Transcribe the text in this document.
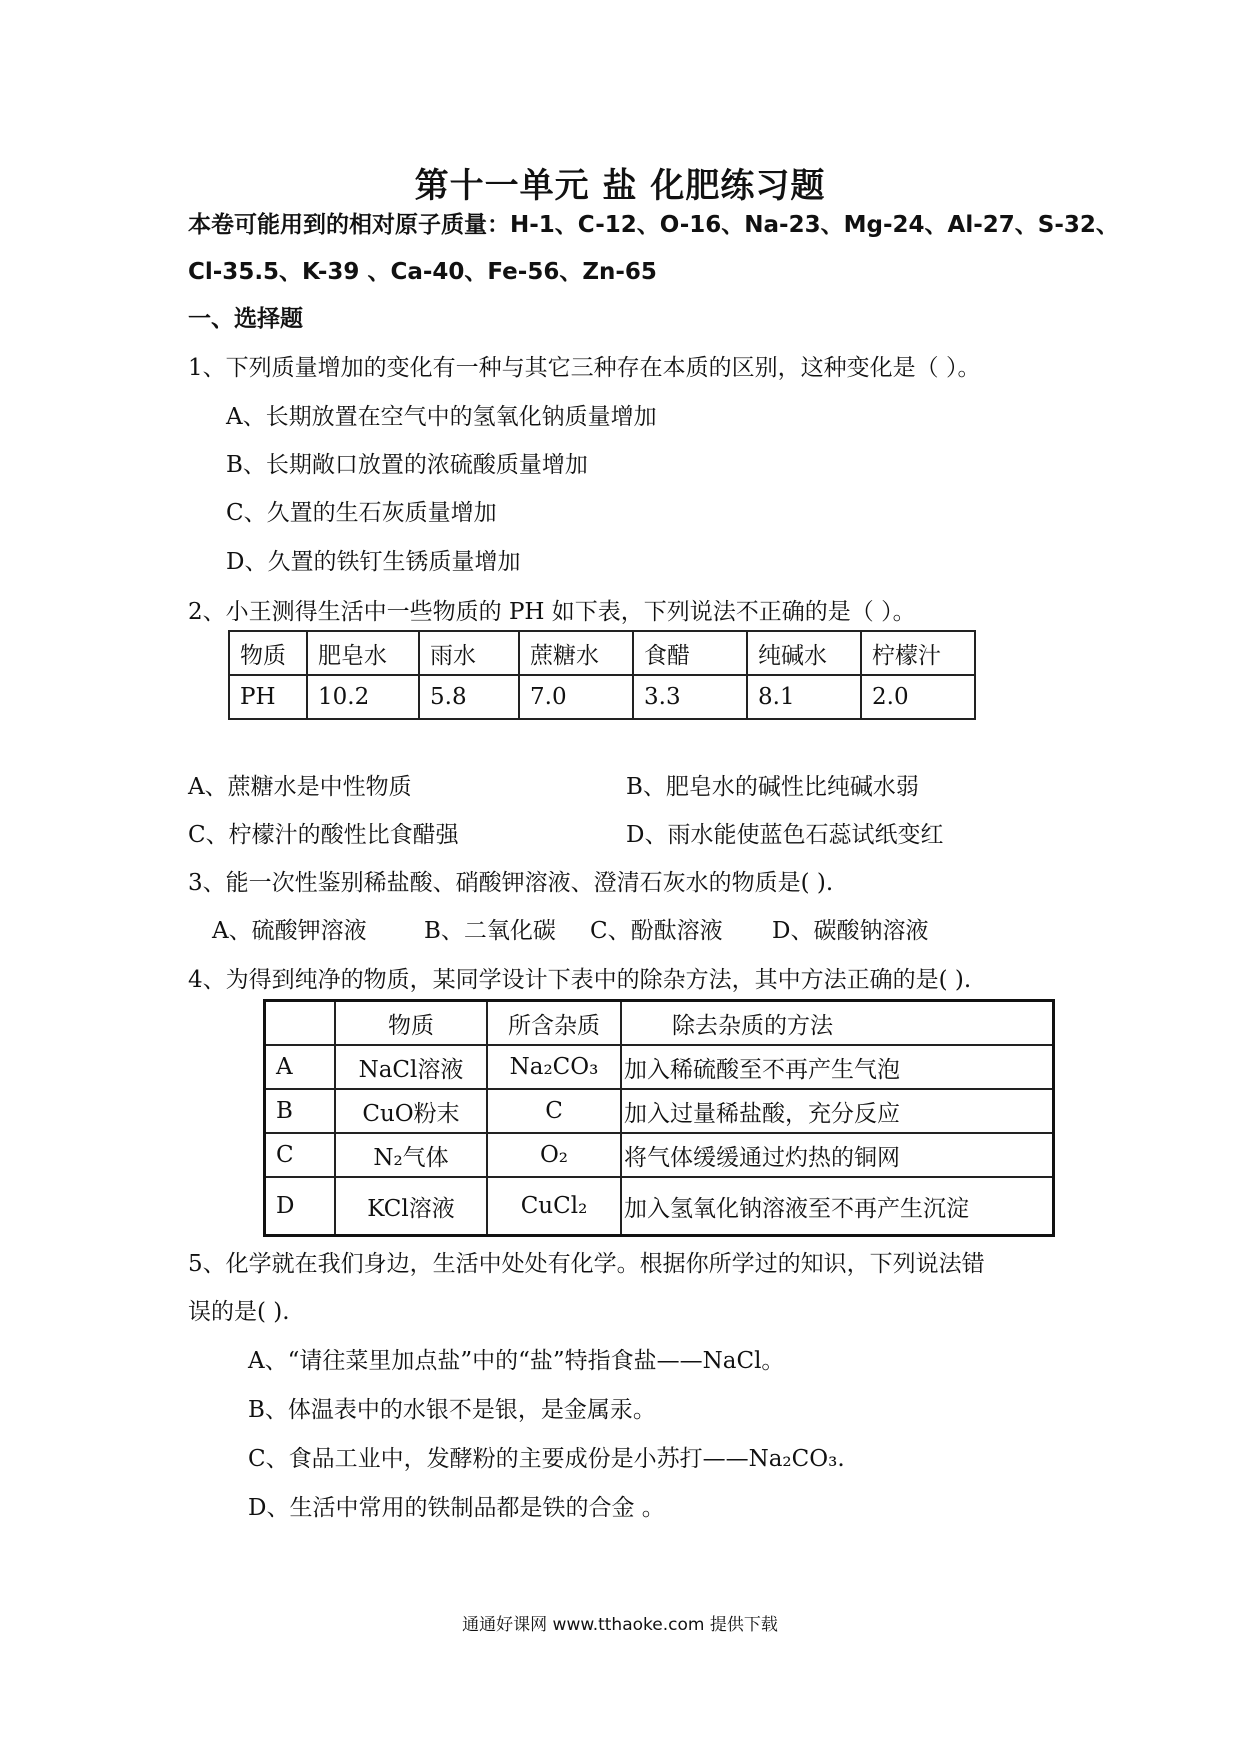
第十一单元 盐 化肥练习题
本卷可能用到的相对原子质量：H-1、C-12、O-16、Na-23、Mg-24、Al-27、S-32、
Cl-35.5、K-39 、Ca-40、Fe-56、Zn-65
一、选择题
1、下列质量增加的变化有一种与其它三种存在本质的区别，这种变化是（ ）。
A、长期放置在空气中的氢氧化钠质量增加
B、长期敞口放置的浓硫酸质量增加
C、久置的生石灰质量增加
D、久置的铁钉生锈质量增加
2、小王测得生活中一些物质的 PH 如下表，下列说法不正确的是（ ）。
物质	肥皂水	雨水	蔗糖水	食醋	纯碱水	柠檬汁
PH	10.2	5.8	7.0	3.3	8.1	2.0
A、蔗糖水是中性物质	B、肥皂水的碱性比纯碱水弱
C、柠檬汁的酸性比食醋强	D、雨水能使蓝色石蕊试纸变红
3、能一次性鉴别稀盐酸、硝酸钾溶液、澄清石灰水的物质是( ).
A、硫酸钾溶液 B、二氧化碳 C、酚酞溶液 D、碳酸钠溶液
4、为得到纯净的物质，某同学设计下表中的除杂方法，其中方法正确的是( ).
	物质	所含杂质	除去杂质的方法
A	NaCl溶液	Na₂CO₃	加入稀硫酸至不再产生气泡
B	CuO粉末	C	加入过量稀盐酸，充分反应
C	N₂气体	O₂	将气体缓缓通过灼热的铜网
D	KCl溶液	CuCl₂	加入氢氧化钠溶液至不再产生沉淀
5、化学就在我们身边，生活中处处有化学。根据你所学过的知识，下列说法错
误的是( ).
A、“请往菜里加点盐”中的“盐”特指食盐——NaCl。
B、体温表中的水银不是银，是金属汞。
C、食品工业中，发酵粉的主要成份是小苏打——Na₂CO₃.
D、生活中常用的铁制品都是铁的合金 。
通通好课网 www.tthaoke.com 提供下载
